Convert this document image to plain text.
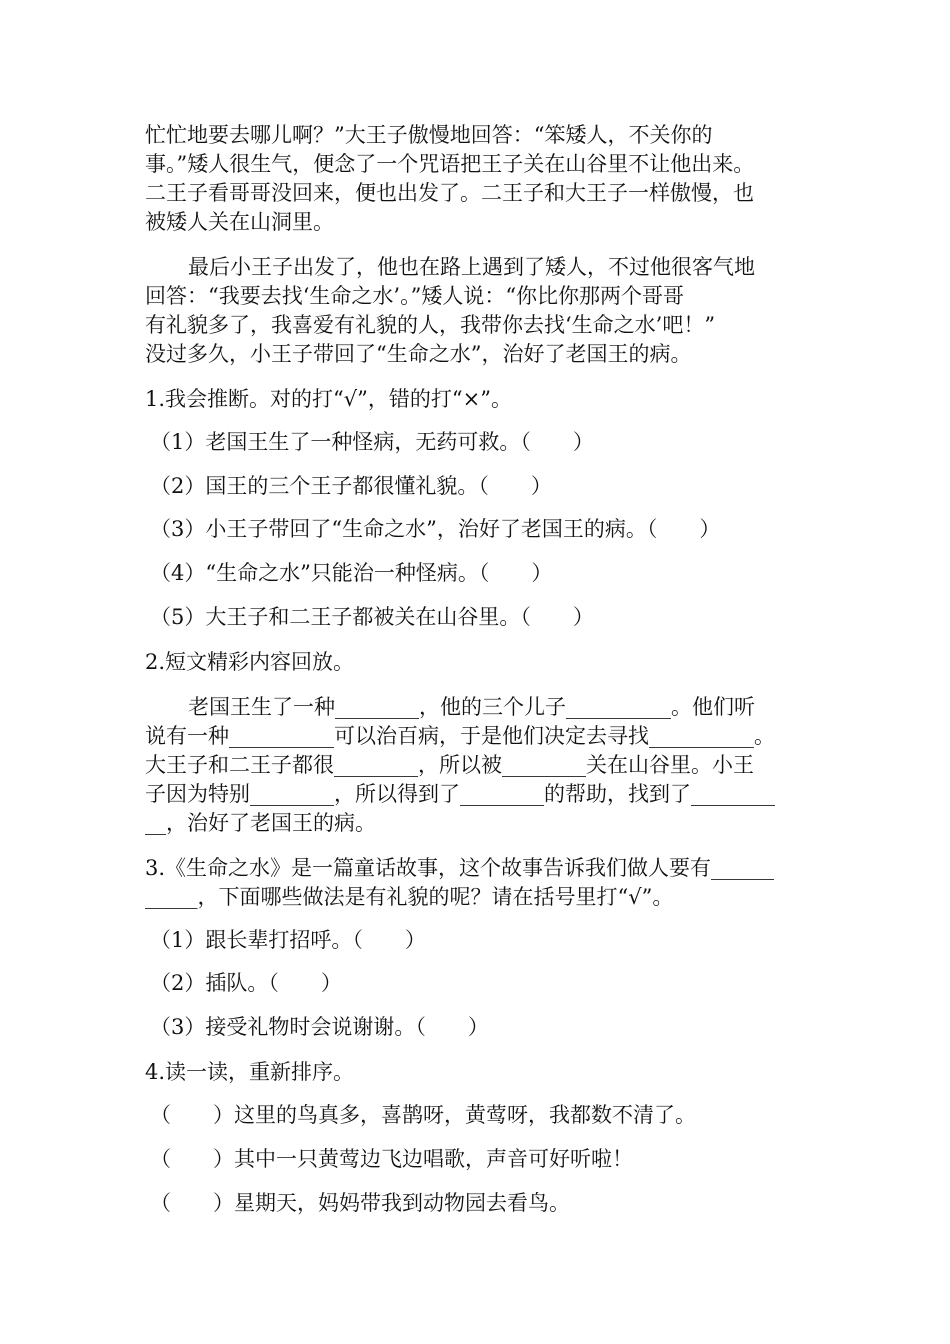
忙忙地要去哪儿啊？”大王子傲慢地回答：“笨矮人，不关你的
事。”矮人很生气，便念了一个咒语把王子关在山谷里不让他出来。
二王子看哥哥没回来，便也出发了。二王子和大王子一样傲慢，也
被矮人关在山洞里。
最后小王子出发了，他也在路上遇到了矮人，不过他很客气地
回答：“我要去找‘生命之水’。”矮人说：“你比你那两个哥哥
有礼貌多了，我喜爱有礼貌的人，我带你去找‘生命之水’吧！”
没过多久，小王子带回了“生命之水”，治好了老国王的病。
1.我会推断。对的打“√”，错的打“×”。
（1）老国王生了一种怪病，无药可救。（　　）
（2）国王的三个王子都很懂礼貌。（　　）
（3）小王子带回了“生命之水”，治好了老国王的病。（　　）
（4）“生命之水”只能治一种怪病。（　　）
（5）大王子和二王子都被关在山谷里。（　　）
2.短文精彩内容回放。
老国王生了一种________，他的三个儿子__________。他们听
说有一种__________可以治百病，于是他们决定去寻找__________。
大王子和二王子都很________，所以被________关在山谷里。小王
子因为特别________，所以得到了________的帮助，找到了________
__，治好了老国王的病。
3.《生命之水》是一篇童话故事，这个故事告诉我们做人要有______
_____，下面哪些做法是有礼貌的呢？请在括号里打“√”。
（1）跟长辈打招呼。（　　）
（2）插队。（　　）
（3）接受礼物时会说谢谢。（　　）
4.读一读，重新排序。
（　　）这里的鸟真多，喜鹊呀，黄莺呀，我都数不清了。
（　　）其中一只黄莺边飞边唱歌，声音可好听啦！
（　　）星期天，妈妈带我到动物园去看鸟。
